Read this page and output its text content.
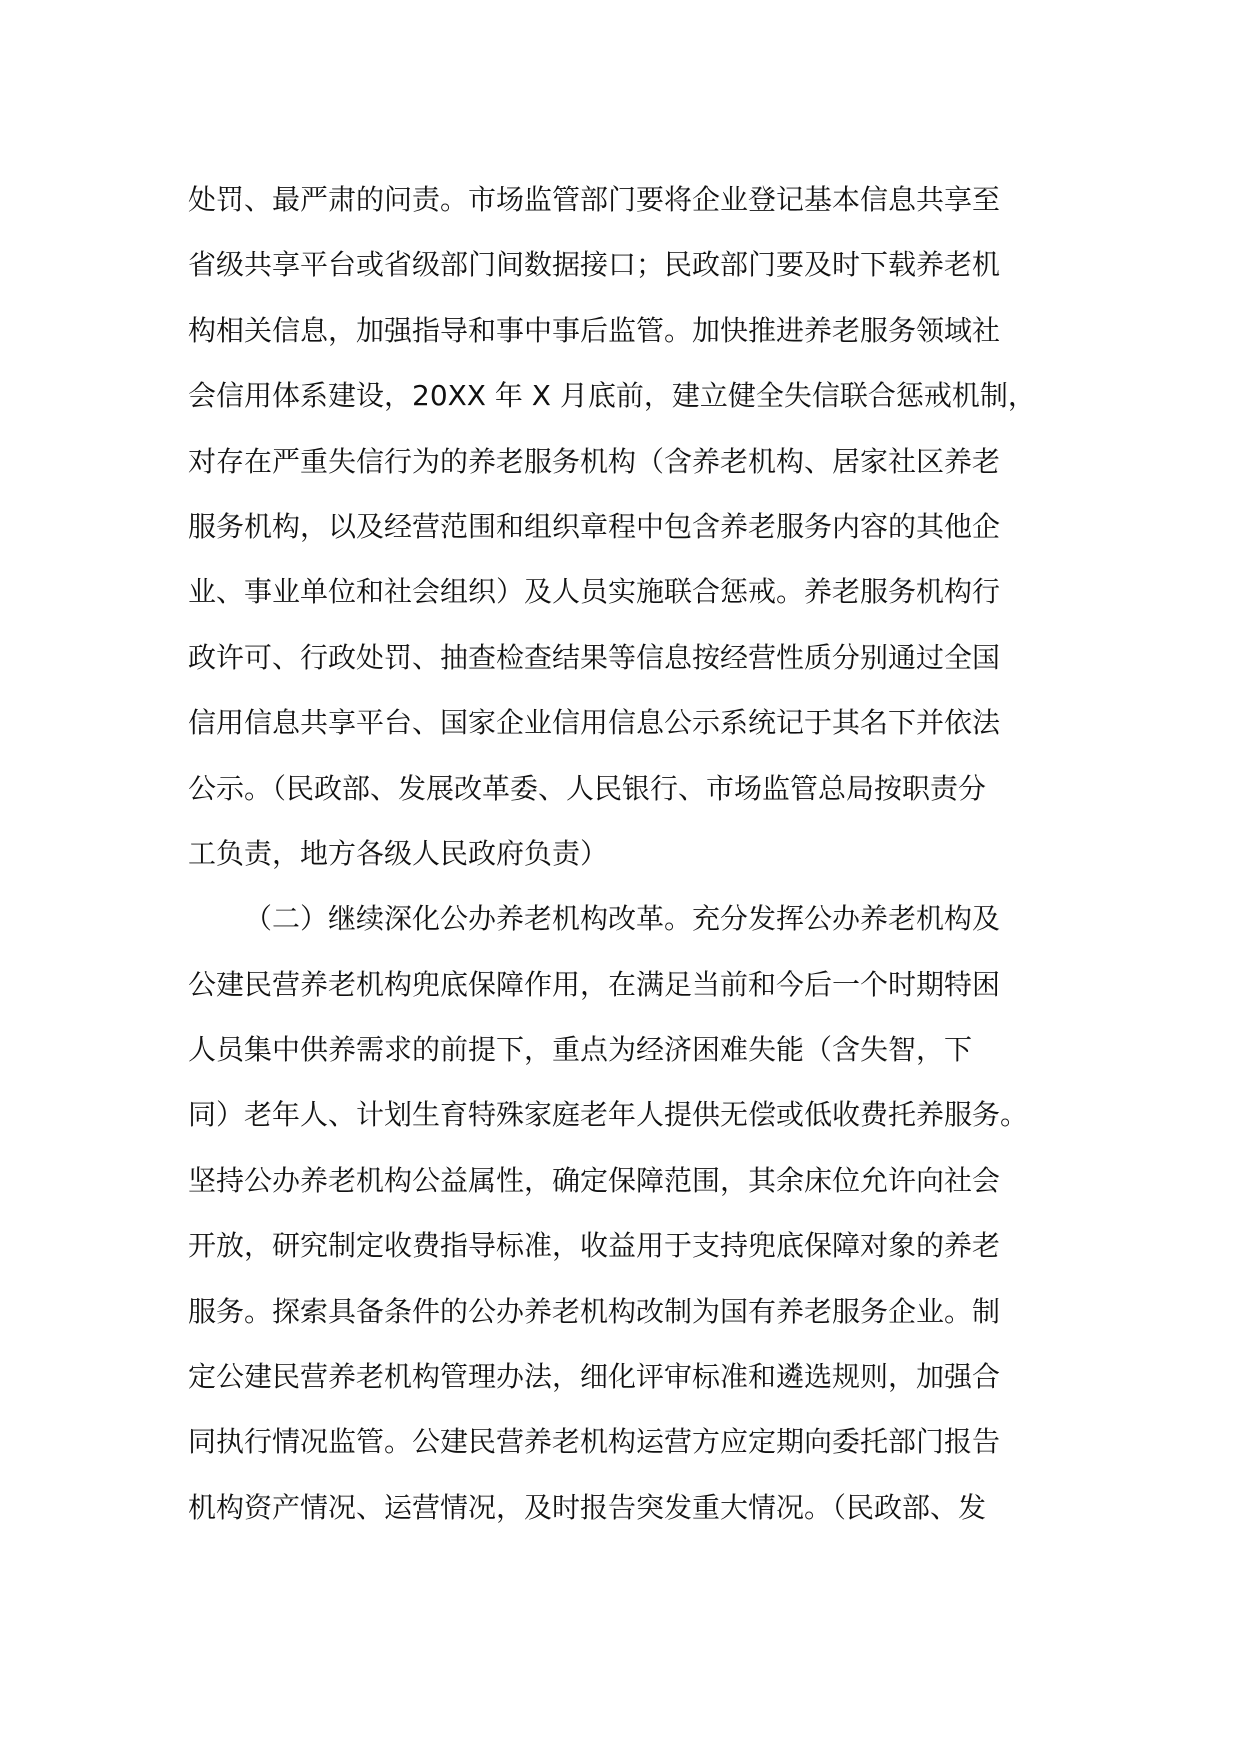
处罚、最严肃的问责。市场监管部门要将企业登记基本信息共享至
省级共享平台或省级部门间数据接口；民政部门要及时下载养老机
构相关信息，加强指导和事中事后监管。加快推进养老服务领域社
会信用体系建设，20XX 年 X 月底前，建立健全失信联合惩戒机制，
对存在严重失信行为的养老服务机构（含养老机构、居家社区养老
服务机构，以及经营范围和组织章程中包含养老服务内容的其他企
业、事业单位和社会组织）及人员实施联合惩戒。养老服务机构行
政许可、行政处罚、抽查检查结果等信息按经营性质分别通过全国
信用信息共享平台、国家企业信用信息公示系统记于其名下并依法
公示。（民政部、发展改革委、人民银行、市场监管总局按职责分
工负责，地方各级人民政府负责）
（二）继续深化公办养老机构改革。充分发挥公办养老机构及
公建民营养老机构兜底保障作用，在满足当前和今后一个时期特困
人员集中供养需求的前提下，重点为经济困难失能（含失智，下
同）老年人、计划生育特殊家庭老年人提供无偿或低收费托养服务。
坚持公办养老机构公益属性，确定保障范围，其余床位允许向社会
开放，研究制定收费指导标准，收益用于支持兜底保障对象的养老
服务。探索具备条件的公办养老机构改制为国有养老服务企业。制
定公建民营养老机构管理办法，细化评审标准和遴选规则，加强合
同执行情况监管。公建民营养老机构运营方应定期向委托部门报告
机构资产情况、运营情况，及时报告突发重大情况。（民政部、发
